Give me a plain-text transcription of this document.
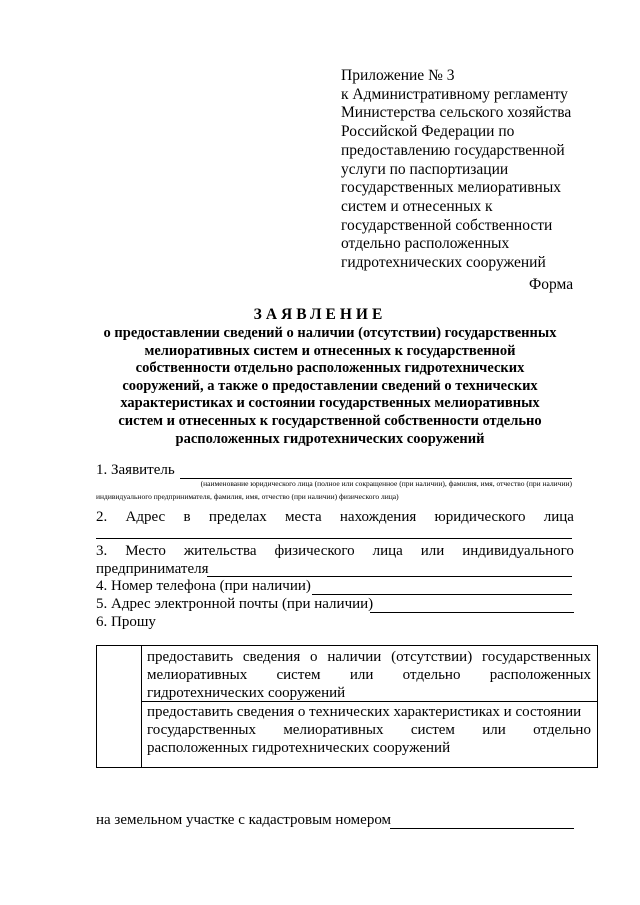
Приложение № 3
к Административному регламенту
Министерства сельского хозяйства
Российской Федерации по
предоставлению государственной
услуги по паспортизации
государственных мелиоративных
систем и отнесенных к
государственной собственности
отдельно расположенных
гидротехнических сооружений
Форма
ЗАЯВЛЕНИЕ
о предоставлении сведений о наличии (отсутствии) государственных
мелиоративных систем и отнесенных к государственной
собственности отдельно расположенных гидротехнических
сооружений, а также о предоставлении сведений о технических
характеристиках и состоянии государственных мелиоративных
систем и отнесенных к государственной собственности отдельно
расположенных гидротехнических сооружений
1. Заявитель
(наименование юридического лица (полное или сокращенное (при наличии), фамилия, имя, отчество (при наличии)
индивидуального предпринимателя, фамилия, имя, отчество (при наличии) физического лица)
2. Адрес в пределах места нахождения юридического лица
3. Место жительства физического лица или индивидуального
предпринимателя
4. Номер телефона (при наличии)
5. Адрес электронной почты (при наличии)
6. Прошу
предоставить сведения о наличии (отсутствии) государственных
мелиоративных систем или отдельно расположенных
гидротехнических сооружений
предоставить сведения о технических характеристиках и состоянии
государственных мелиоративных систем или отдельно
расположенных гидротехнических сооружений
на земельном участке с кадастровым номером
